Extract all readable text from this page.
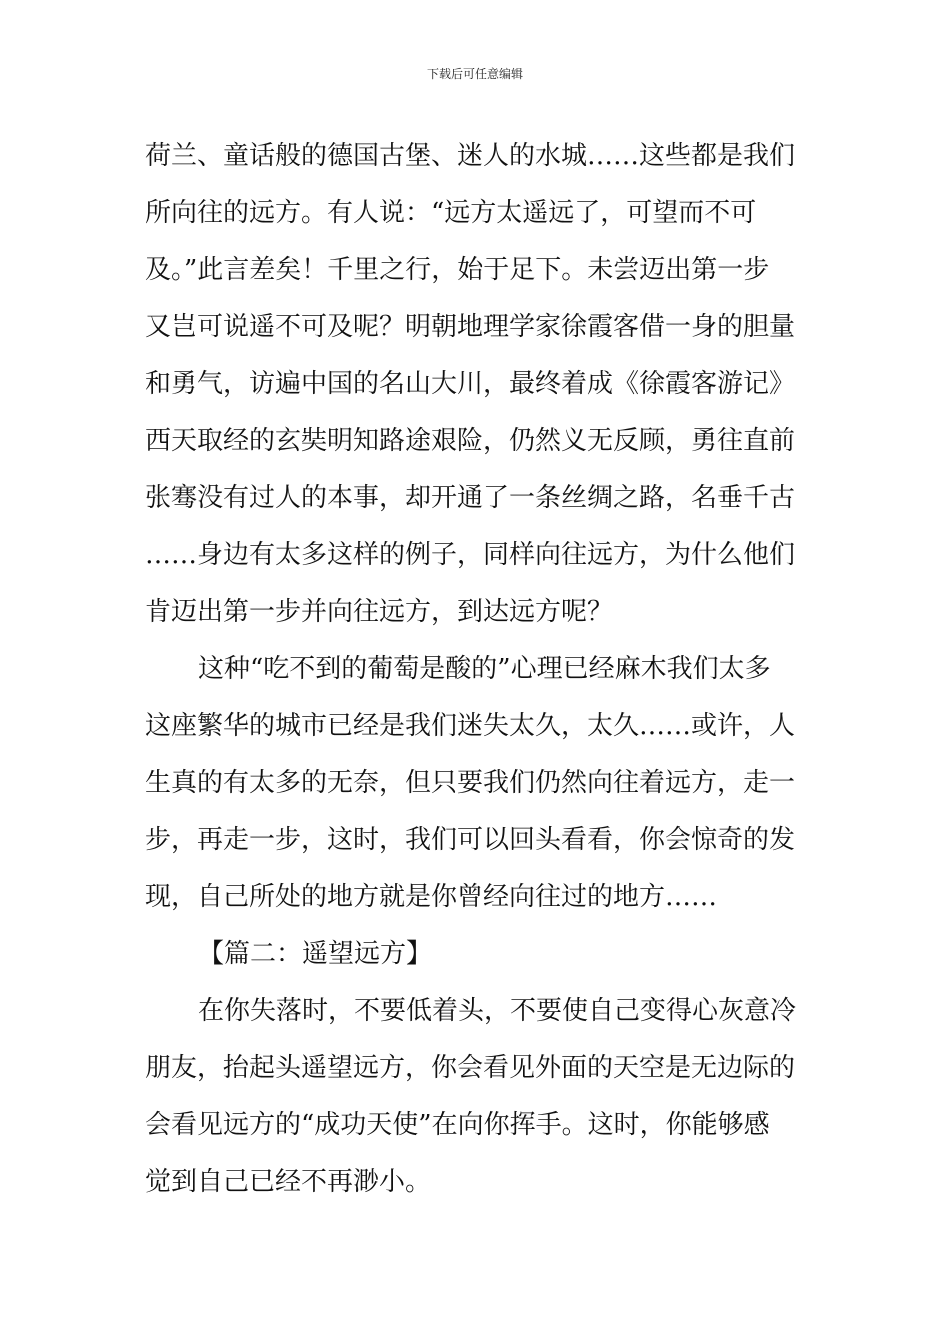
下载后可任意编辑
荷兰、童话般的德国古堡、迷人的水城……这些都是我们
所向往的远方。有人说：“远方太遥远了，可望而不可
及。”此言差矣！千里之行，始于足下。未尝迈出第一步
又岂可说遥不可及呢？明朝地理学家徐霞客借一身的胆量
和勇气，访遍中国的名山大川，最终着成《徐霞客游记》
西天取经的玄奘明知路途艰险，仍然义无反顾，勇往直前
张骞没有过人的本事，却开通了一条丝绸之路，名垂千古
……身边有太多这样的例子，同样向往远方，为什么他们
肯迈出第一步并向往远方，到达远方呢？
这种“吃不到的葡萄是酸的”心理已经麻木我们太多
这座繁华的城市已经是我们迷失太久，太久……或许，人
生真的有太多的无奈，但只要我们仍然向往着远方，走一
步，再走一步，这时，我们可以回头看看，你会惊奇的发
现，自己所处的地方就是你曾经向往过的地方……
【篇二：遥望远方】
在你失落时，不要低着头，不要使自己变得心灰意冷
朋友，抬起头遥望远方，你会看见外面的天空是无边际的
会看见远方的“成功天使”在向你挥手。这时，你能够感
觉到自己已经不再渺小。
